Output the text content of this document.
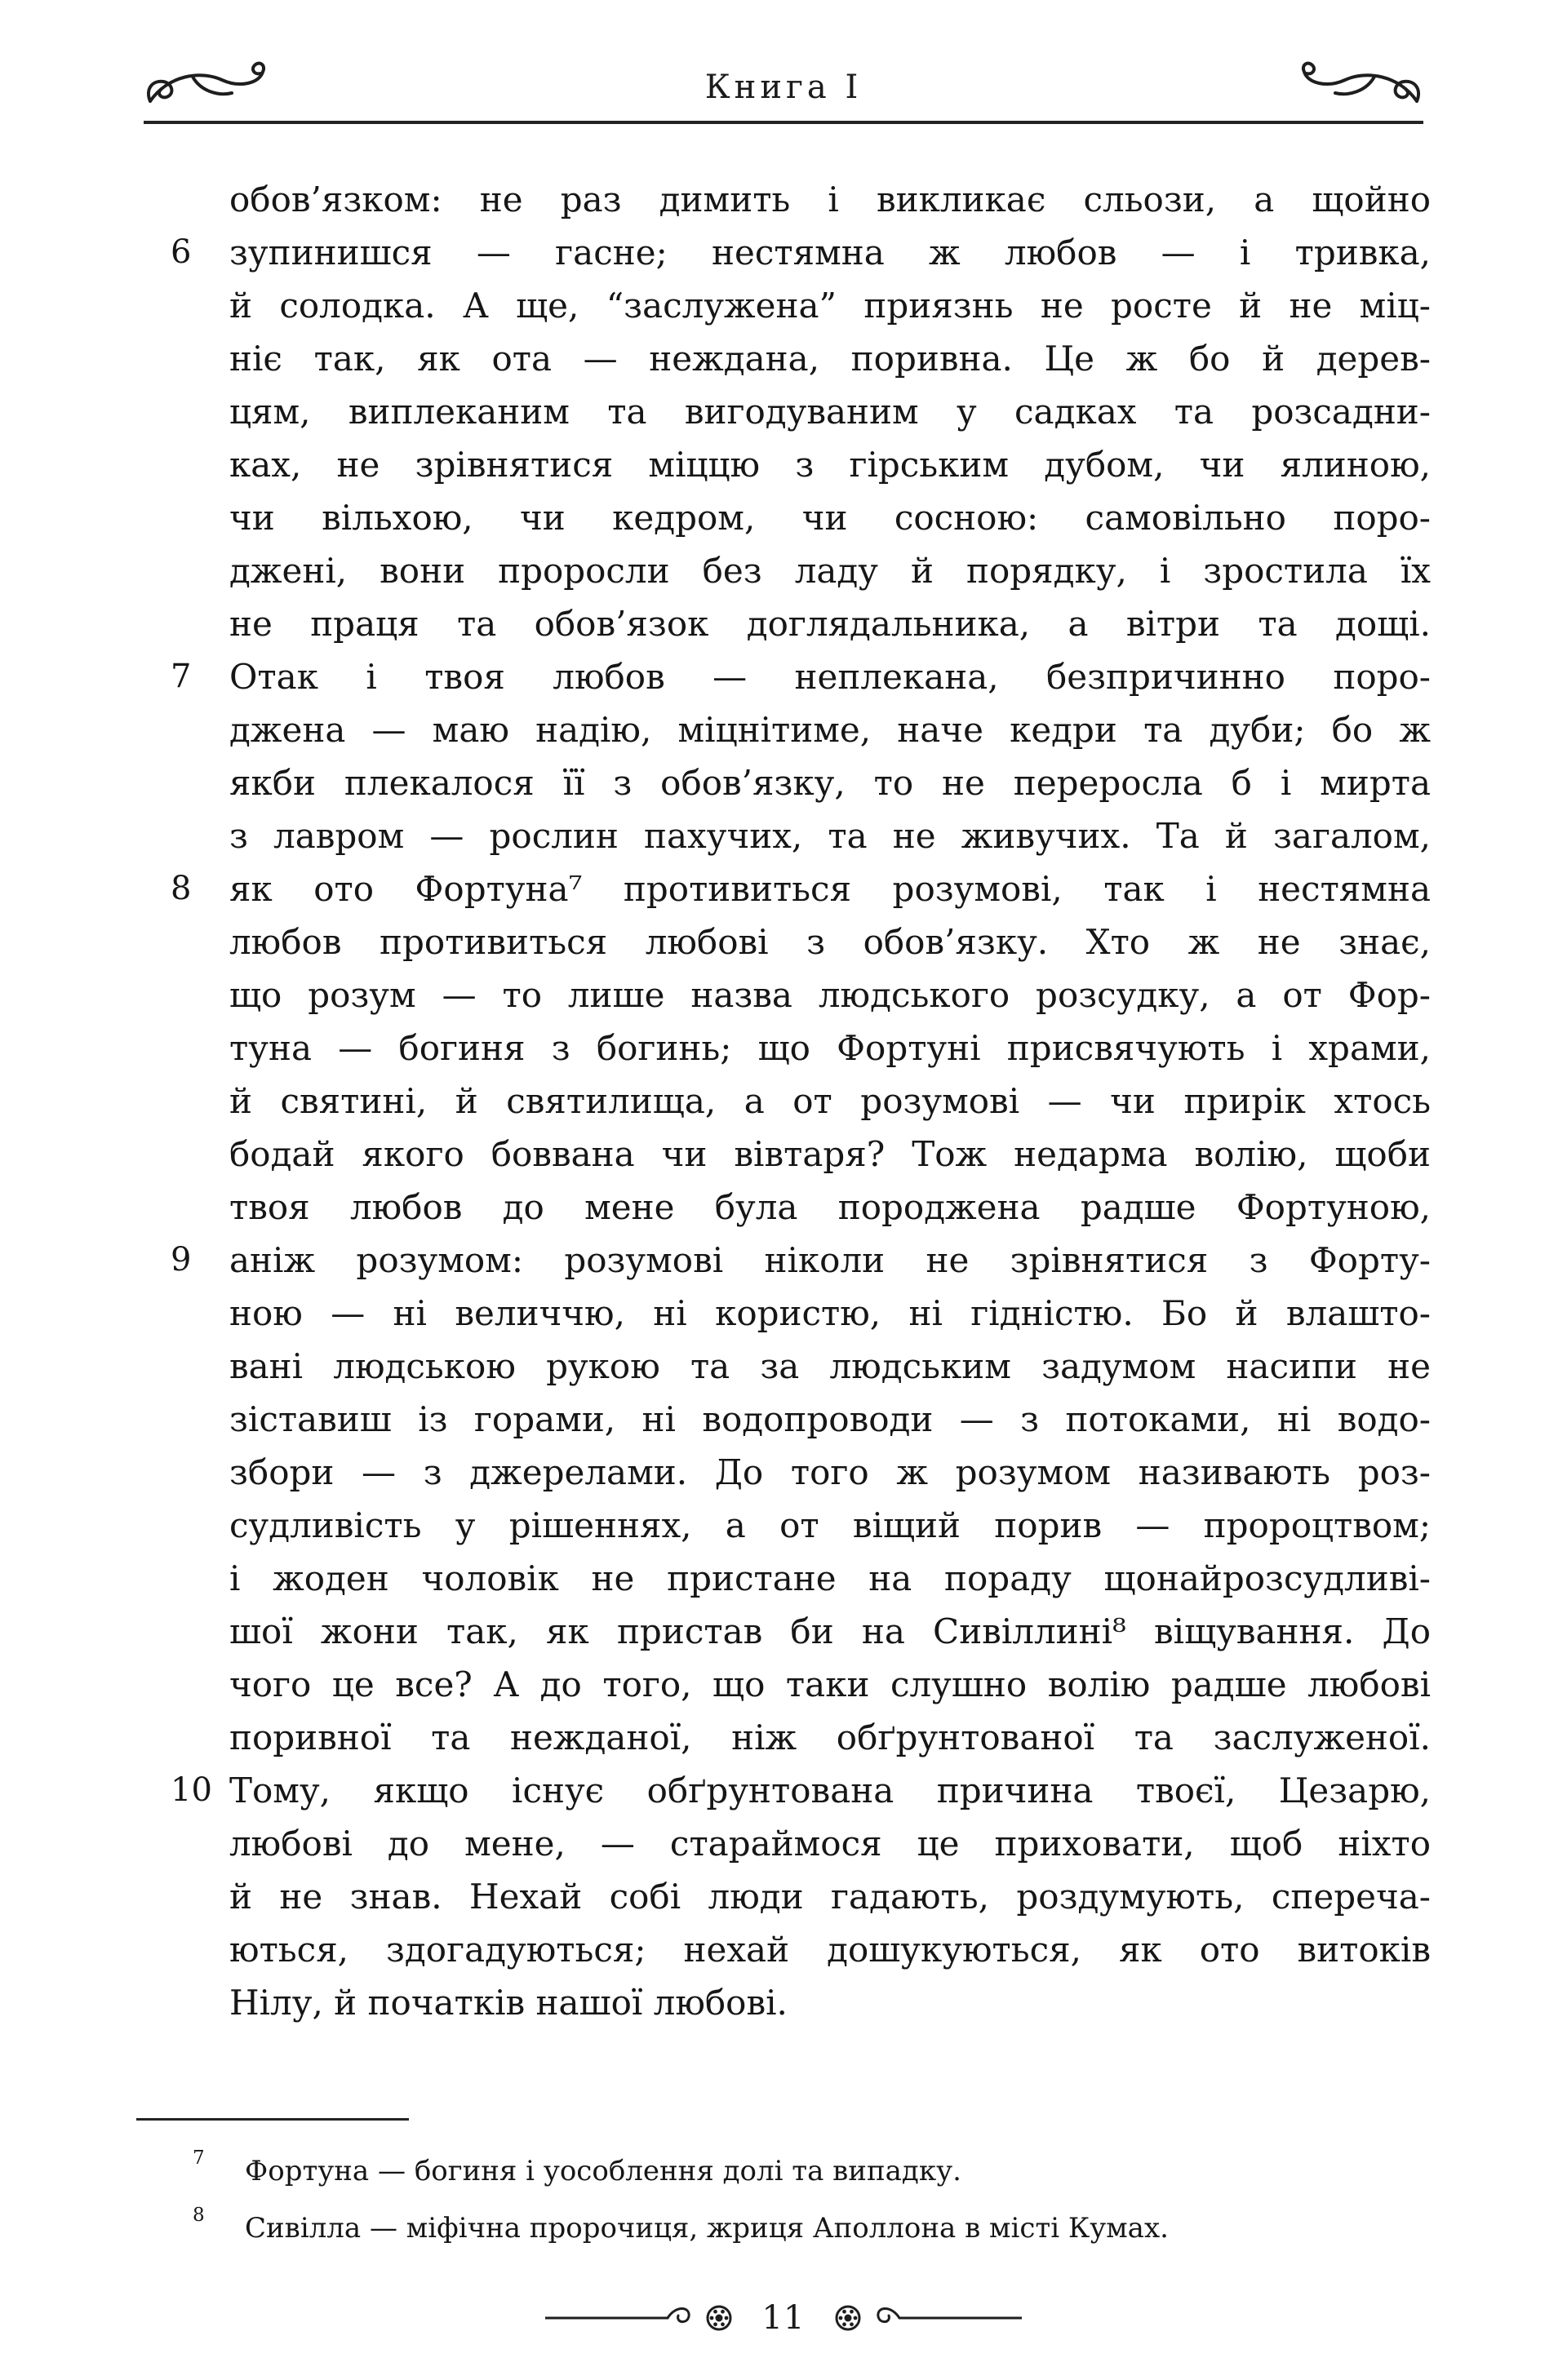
Книга I
обов’язком: не раз димить і викликає сльози, а щойно
6	зупинишся — гасне; нестямна ж любов — і тривка,
й солодка. А ще, “заслужена” приязнь не росте й не міц-
ніє так, як ота — неждана, поривна. Це ж бо й дерев-
цям, виплеканим та вигодуваним у садках та розсадни-
ках, не зрівнятися міццю з гірським дубом, чи ялиною,
чи вільхою, чи кедром, чи сосною: самовільно поро-
джені, вони проросли без ладу й порядку, і зростила їх
не праця та обов’язок доглядальника, а вітри та дощі.
7	Отак і твоя любов — неплекана, безпричинно поро-
джена — маю надію, міцнітиме, наче кедри та дуби; бо ж
якби плекалося її з обов’язку, то не переросла б і мирта
з лавром — рослин пахучих, та не живучих. Та й загалом,
8	як ото Фортуна⁷ противиться розумові, так і нестямна
любов противиться любові з обов’язку. Хто ж не знає,
що розум — то лише назва людського розсудку, а от Фор-
туна — богиня з богинь; що Фортуні присвячують і храми,
й святині, й святилища, а от розумові — чи прирік хтось
бодай якого боввана чи вівтаря? Тож недарма волію, щоби
твоя любов до мене була породжена радше Фортуною,
9	аніж розумом: розумові ніколи не зрівнятися з Форту-
ною — ні величчю, ні користю, ні гідністю. Бо й влашто-
вані людською рукою та за людським задумом насипи не
зіставиш із горами, ні водопроводи — з потоками, ні водо-
збори — з джерелами. До того ж розумом називають роз-
судливість у рішеннях, а от віщий порив — пророцтвом;
і жоден чоловік не пристане на пораду щонайрозсудливі-
шої жони так, як пристав би на Сивіллині⁸ віщування. До
чого це все? А до того, що таки слушно волію радше любові
поривної та нежданої, ніж обґрунтованої та заслуженої.
10 Тому, якщо існує обґрунтована причина твоєї, Цезарю,
любові до мене, — стараймося це приховати, щоб ніхто
й не знав. Нехай собі люди гадають, роздумують, спереча-
ються, здогадуються; нехай дошукуються, як ото витоків
Нілу, й початків нашої любові.
7 Фортуна — богиня і уособлення долі та випадку.
8 Сивілла — міфічна пророчиця, жриця Аполлона в місті Кумах.
11
